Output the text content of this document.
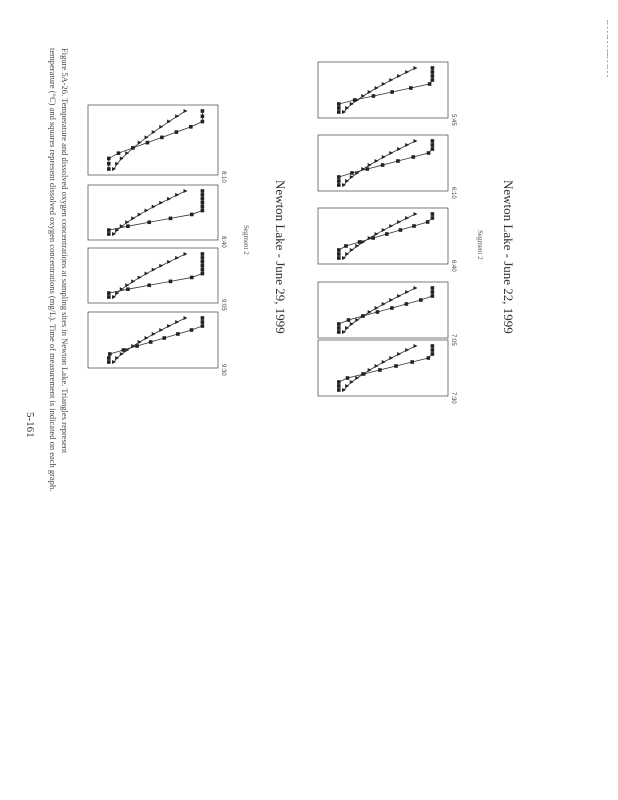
-- - - -- - - ---- - -- - -
Newton Lake - June 22, 1999
Segment 2
Newton Lake - June 29, 1999
Segment 2
Figure 5A-26. Temperature and dissolved oxygen concentrations at sampling sites in Newton Lake. Triangles represent
temperature (°C) and squares represent dissolved oxygen concentrations (mg/L). Time of measurement is indicated on each graph.
5-161
5:45
6:10
6:40
7:05
7:30
8:10
8:40
9:05
9:30
